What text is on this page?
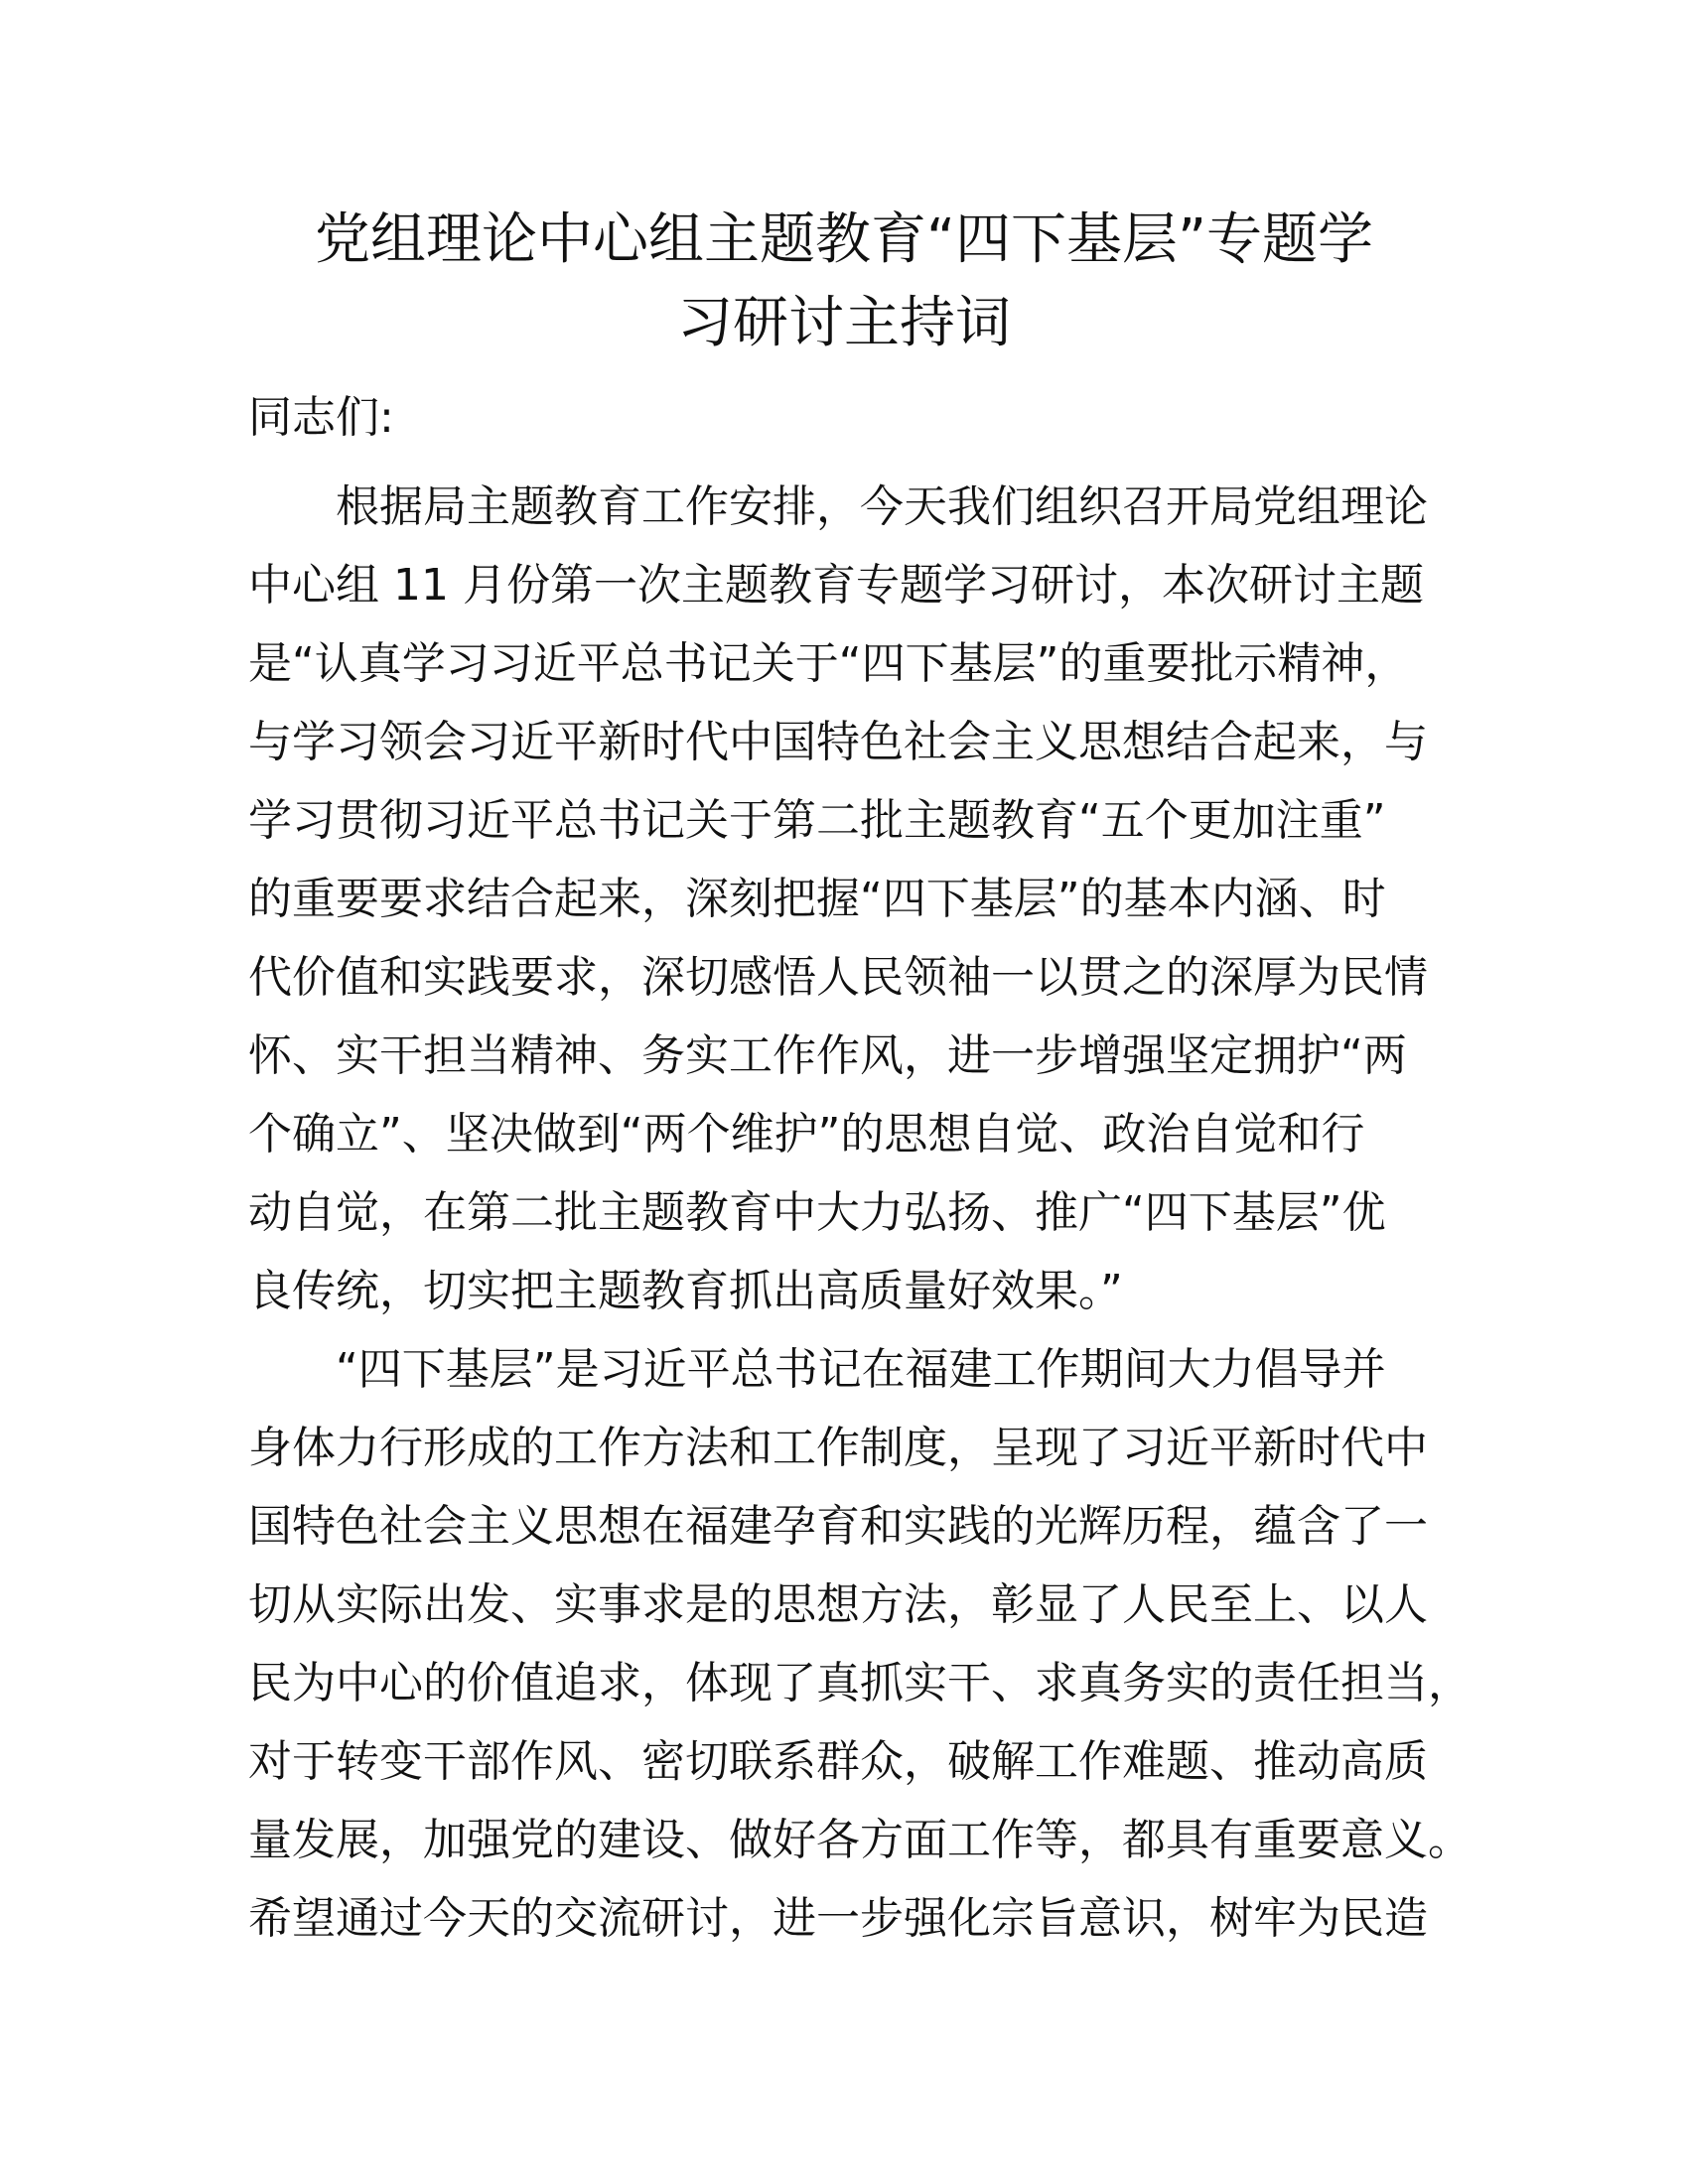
党组理论中心组主题教育“四下基层”专题学
习研讨主持词

同志们:

根据局主题教育工作安排，今天我们组织召开局党组理论
中心组 11 月份第一次主题教育专题学习研讨，本次研讨主题
是“认真学习习近平总书记关于“四下基层”的重要批示精神，
与学习领会习近平新时代中国特色社会主义思想结合起来，与
学习贯彻习近平总书记关于第二批主题教育“五个更加注重”
的重要要求结合起来，深刻把握“四下基层”的基本内涵、时
代价值和实践要求，深切感悟人民领袖一以贯之的深厚为民情
怀、实干担当精神、务实工作作风，进一步增强坚定拥护“两
个确立”、坚决做到“两个维护”的思想自觉、政治自觉和行
动自觉，在第二批主题教育中大力弘扬、推广“四下基层”优
良传统，切实把主题教育抓出高质量好效果。”

“四下基层”是习近平总书记在福建工作期间大力倡导并
身体力行形成的工作方法和工作制度，呈现了习近平新时代中
国特色社会主义思想在福建孕育和实践的光辉历程，蕴含了一
切从实际出发、实事求是的思想方法，彰显了人民至上、以人
民为中心的价值追求，体现了真抓实干、求真务实的责任担当，
对于转变干部作风、密切联系群众，破解工作难题、推动高质
量发展，加强党的建设、做好各方面工作等，都具有重要意义。
希望通过今天的交流研讨，进一步强化宗旨意识，树牢为民造
